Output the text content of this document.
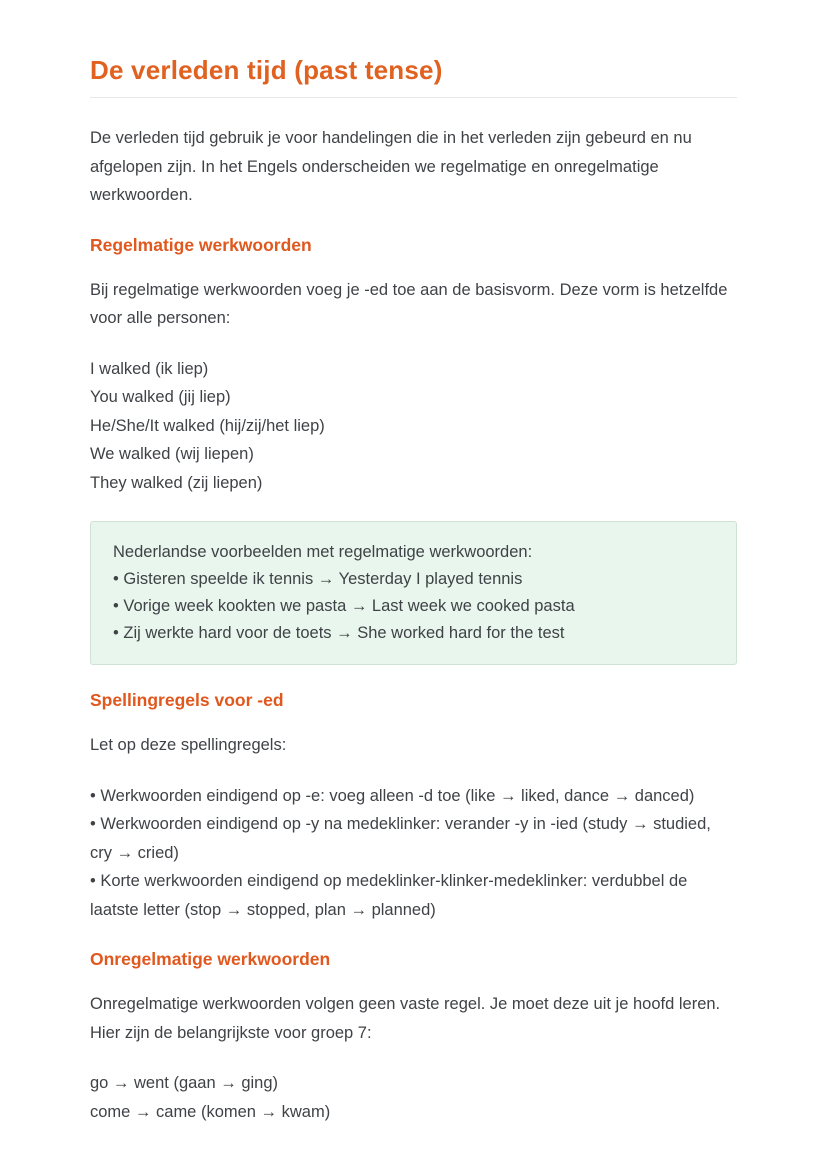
De verleden tijd (past tense)

De verleden tijd gebruik je voor handelingen die in het verleden zijn gebeurd en nu afgelopen zijn. In het Engels onderscheiden we regelmatige en onregelmatige werkwoorden.

Regelmatige werkwoorden

Bij regelmatige werkwoorden voeg je -ed toe aan de basisvorm. Deze vorm is hetzelfde voor alle personen:

I walked (ik liep)

You walked (jij liep)

He/She/It walked (hij/zij/het liep)

We walked (wij liepen)

They walked (zij liepen)

Nederlandse voorbeelden met regelmatige werkwoorden:

• Gisteren speelde ik tennis → Yesterday I played tennis

• Vorige week kookten we pasta → Last week we cooked pasta

• Zij werkte hard voor de toets → She worked hard for the test

Spellingregels voor -ed

Let op deze spellingregels:

• Werkwoorden eindigend op -e: voeg alleen -d toe (like → liked, dance → danced)

• Werkwoorden eindigend op -y na medeklinker: verander -y in -ied (study → studied, cry → cried)

• Korte werkwoorden eindigend op medeklinker-klinker-medeklinker: verdubbel de laatste letter (stop → stopped, plan → planned)

Onregelmatige werkwoorden

Onregelmatige werkwoorden volgen geen vaste regel. Je moet deze uit je hoofd leren. Hier zijn de belangrijkste voor groep 7:

go → went (gaan → ging)

come → came (komen → kwam)
